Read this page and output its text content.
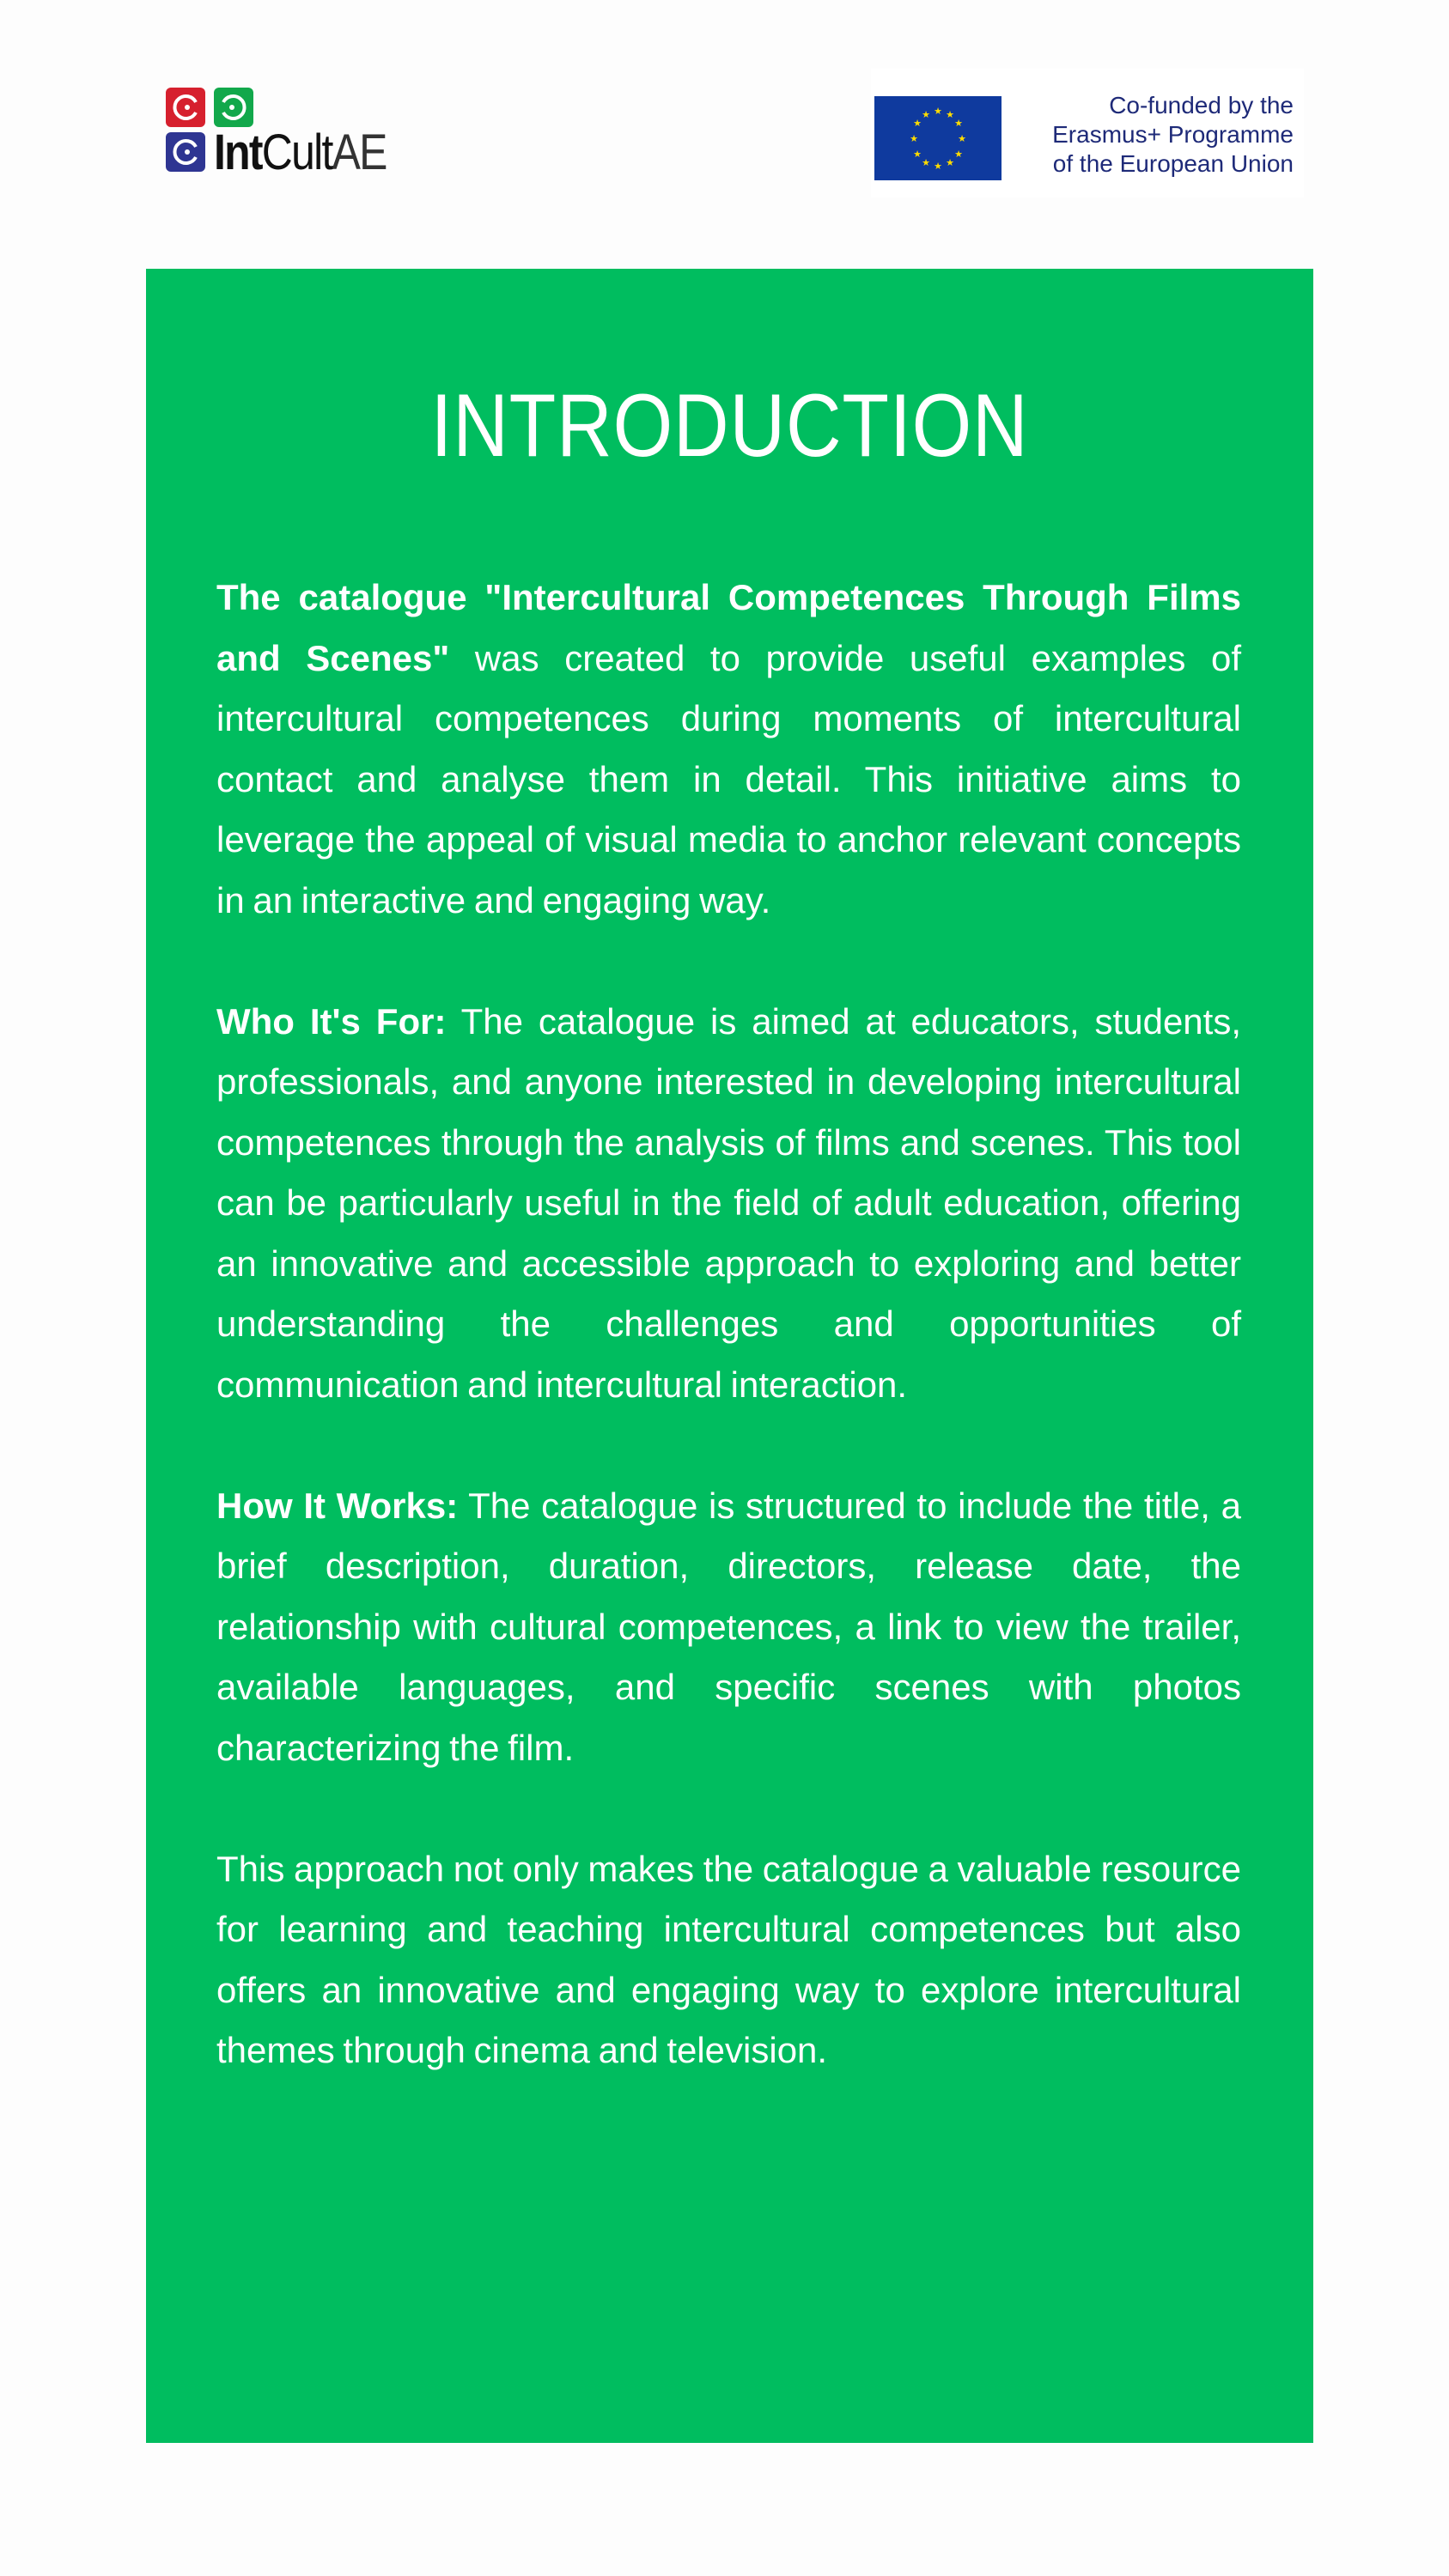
IntCultAE
★ ★
★
★
★
★
★
★
★
★
★
★	Co-funded by the
Erasmus+ Programme
of the European Union
INTRODUCTION

The catalogue "Intercultural Competences Through Films and Scenes" was created to provide useful examples of intercultural competences during moments of intercultural contact and analyse them in detail. This initiative aims to leverage the appeal of visual media to anchor relevant concepts in an interactive and engaging way.

Who It's For: The catalogue is aimed at educators, students, professionals, and anyone interested in developing intercultural competences through the analysis of films and scenes. This tool can be particularly useful in the field of adult education, offering an innovative and accessible approach to exploring and better understanding the challenges and opportunities of communication and intercultural interaction.

How It Works: The catalogue is structured to include the title, a brief description, duration, directors, release date, the relationship with cultural competences, a link to view the trailer, available languages, and specific scenes with photos characterizing the film.

This approach not only makes the catalogue a valuable resource for learning and teaching intercultural competences but also offers an innovative and engaging way to explore intercultural themes through cinema and television.
